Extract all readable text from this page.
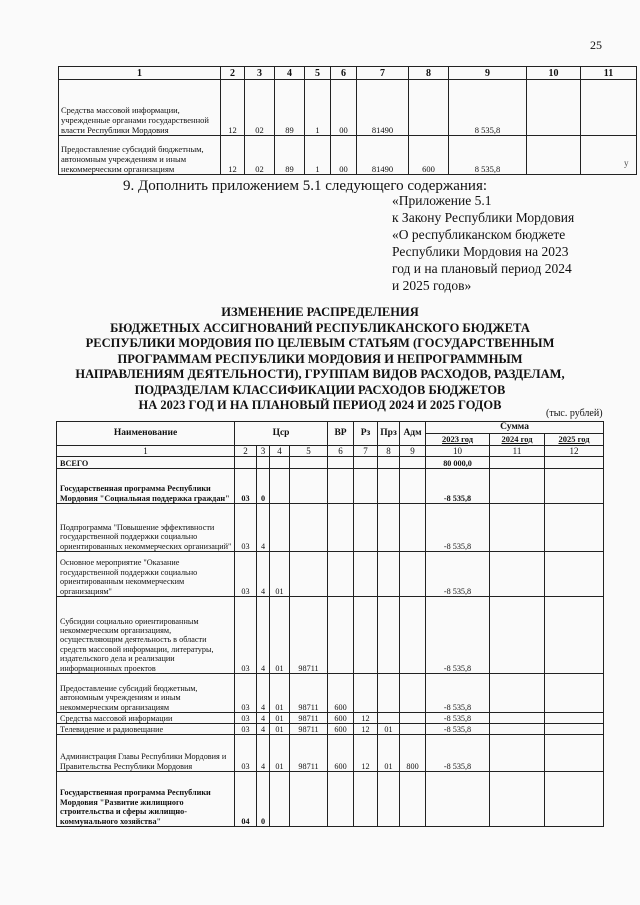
25
1	2	3	4	5	6	7	8	9	10	11
Средства массовой информации, учрежденные органами государственной власти Республики Мордовия	12	02	89	1	00	81490		8 535,8		
Предоставление субсидий бюджетным, автономным учреждениям и иным некоммерческим организациям	12	02	89	1	00	81490	600	8 535,8		
у
9. Дополнить приложением 5.1 следующего содержания:
«Приложение 5.1
к Закону Республики Мордовия
«О республиканском бюджете
Республики Мордовия на 2023
год и на плановый период 2024
и 2025 годов»
ИЗМЕНЕНИЕ РАСПРЕДЕЛЕНИЯ
БЮДЖЕТНЫХ АССИГНОВАНИЙ РЕСПУБЛИКАНСКОГО БЮДЖЕТА
РЕСПУБЛИКИ МОРДОВИЯ ПО ЦЕЛЕВЫМ СТАТЬЯМ (ГОСУДАРСТВЕННЫМ
ПРОГРАММАМ РЕСПУБЛИКИ МОРДОВИЯ И НЕПРОГРАММНЫМ
НАПРАВЛЕНИЯМ ДЕЯТЕЛЬНОСТИ), ГРУППАМ ВИДОВ РАСХОДОВ, РАЗДЕЛАМ,
ПОДРАЗДЕЛАМ КЛАССИФИКАЦИИ РАСХОДОВ БЮДЖЕТОВ
НА 2023 ГОД И НА ПЛАНОВЫЙ ПЕРИОД 2024 И 2025 ГОДОВ
(тыс. рублей)
Наименование	Цср				ВР	Рз	Прз	Адм	Сумма		
									2023 год	2024 год	2025 год
1	2	3	4	5	6	7	8	9	10	11	12
ВСЕГО									80 000,0		
Государственная программа Республики Мордовия "Социальная поддержка граждан"	03	0							-8 535,8		
Подпрограмма "Повышение эффективности государственной поддержки социально ориентированных некоммерческих организаций"	03	4							-8 535,8		
Основное мероприятие "Оказание государственной поддержки социально ориентированным некоммерческим организациям"	03	4	01						-8 535,8		
Субсидии социально ориентированным некоммерческим организациям, осуществляющим деятельность в области средств массовой информации, литературы, издательского дела и реализации информационных проектов	03	4	01	98711					-8 535,8		
Предоставление субсидий бюджетным, автономным учреждениям и иным некоммерческим организациям	03	4	01	98711	600				-8 535,8		
Средства массовой информации	03	4	01	98711	600	12			-8 535,8		
Телевидение и радиовещание	03	4	01	98711	600	12	01		-8 535,8		
Администрация Главы Республики Мордовия и Правительства Республики Мордовия	03	4	01	98711	600	12	01	800	-8 535,8		
Государственная программа Республики Мордовия "Развитие жилищного строительства и сферы жилищно-коммунального хозяйства"	04	0									
